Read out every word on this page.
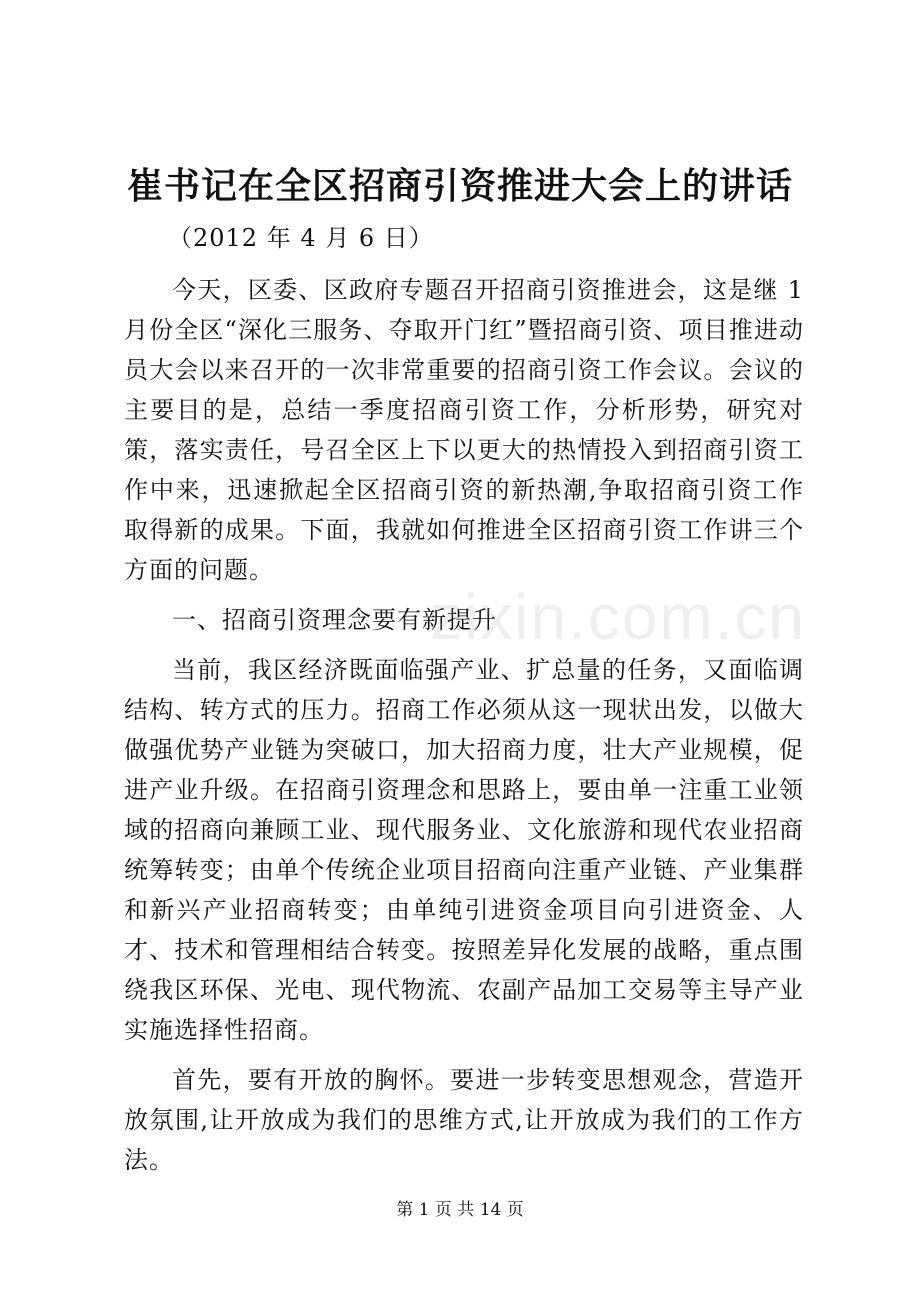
崔书记在全区招商引资推进大会上的讲话

（2012 年 4 月 6 日）

今天，区委、区政府专题召开招商引资推进会，这是继 1 月份全区“深化三服务、夺取开门红”暨招商引资、项目推进动员大会以来召开的一次非常重要的招商引资工作会议。会议的主要目的是，总结一季度招商引资工作，分析形势，研究对策，落实责任，号召全区上下以更大的热情投入到招商引资工作中来，迅速掀起全区招商引资的新热潮,争取招商引资工作取得新的成果。下面，我就如何推进全区招商引资工作讲三个方面的问题。

一、招商引资理念要有新提升

当前，我区经济既面临强产业、扩总量的任务，又面临调结构、转方式的压力。招商工作必须从这一现状出发，以做大做强优势产业链为突破口，加大招商力度，壮大产业规模，促进产业升级。在招商引资理念和思路上，要由单一注重工业领域的招商向兼顾工业、现代服务业、文化旅游和现代农业招商统筹转变；由单个传统企业项目招商向注重产业链、产业集群和新兴产业招商转变；由单纯引进资金项目向引进资金、人才、技术和管理相结合转变。按照差异化发展的战略，重点围绕我区环保、光电、现代物流、农副产品加工交易等主导产业实施选择性招商。

首先，要有开放的胸怀。要进一步转变思想观念，营造开放氛围,让开放成为我们的思维方式,让开放成为我们的工作方法。

zixin.com.cn
第 1 页 共 14 页
